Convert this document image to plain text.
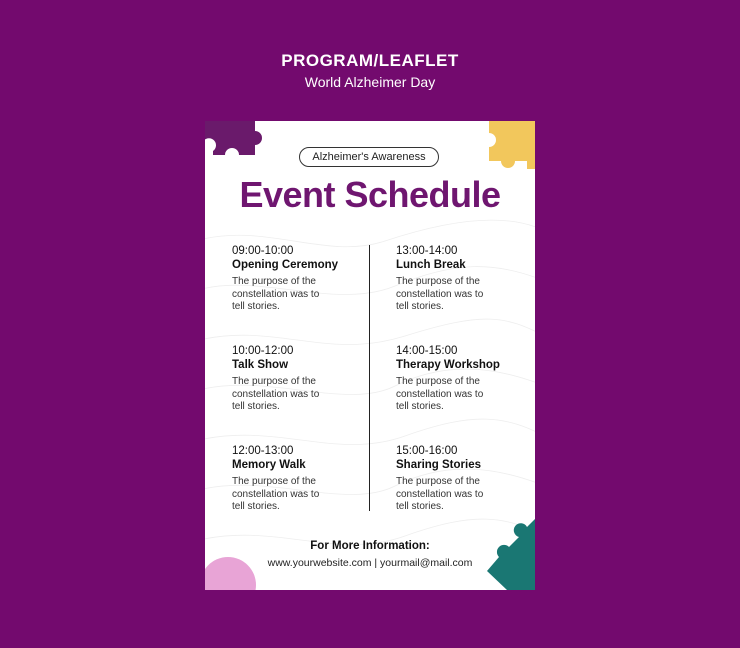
PROGRAM/LEAFLET
World Alzheimer Day
Alzheimer's Awareness
Event Schedule
09:00-10:00
Opening Ceremony
The purpose of the constellation was to tell stories.
13:00-14:00
Lunch Break
The purpose of the constellation was to tell stories.
10:00-12:00
Talk Show
The purpose of the constellation was to tell stories.
14:00-15:00
Therapy Workshop
The purpose of the constellation was to tell stories.
12:00-13:00
Memory Walk
The purpose of the constellation was to tell stories.
15:00-16:00
Sharing Stories
The purpose of the constellation was to tell stories.
For More Information:
www.yourwebsite.com | yourmail@mail.com
